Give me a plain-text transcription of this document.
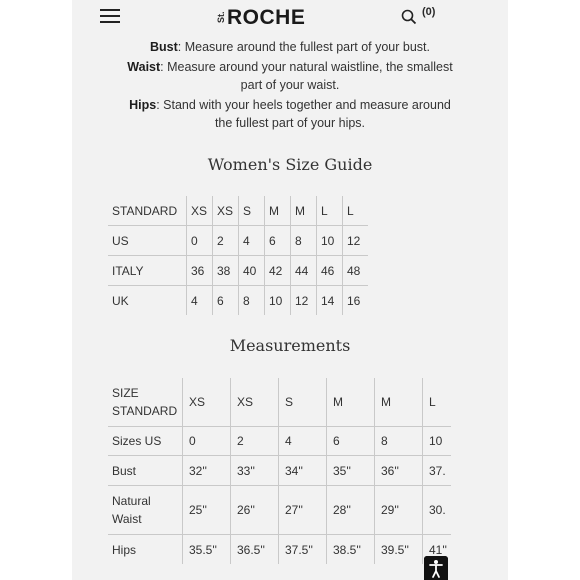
St. ROCHE	(0)
Bust: Measure around the fullest part of your bust.
Waist: Measure around your natural waistline, the smallest
part of your waist.
Hips: Stand with your heels together and measure around
the fullest part of your hips.
Women's Size Guide
STANDARD	XS	XS	S	M	M	L	L
US	0	2	4	6	8	10	12
ITALY	36	38	40	42	44	46	48
UK	4	6	8	10	12	14	16
Measurements
SIZE
STANDARD	XS	XS	S	M	M	L

Sizes US	0	2	4	6	8	10

Bust	32''	33''	34''	35''	36''	37.

Natural
Waist	25''	26''	27''	28''	29''	30.

Hips	35.5''	36.5''	37.5''	38.5''	39.5''	41''
